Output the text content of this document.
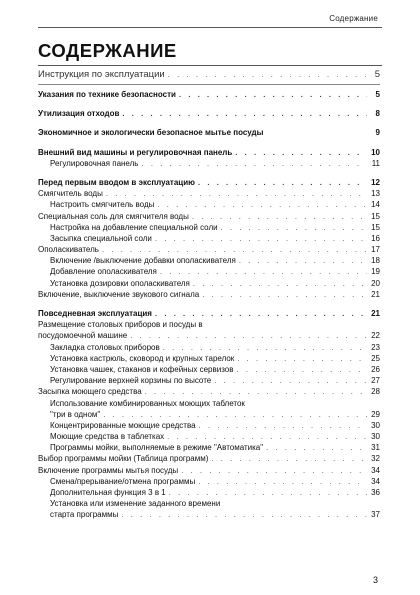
Содержание
СОДЕРЖАНИЕ
Инструкция по эксплуатации . . .	5
Указания по технике безопасности . . .	5
Утилизация отходов . . .	8
Экономичное и экологически безопасное мытье посуды	9
Внешний вид машины и регулировочная панель . . .	10
Регулировочная панель . . .	11
Перед первым вводом в эксплуатацию . . .	12
Смягчитель воды . . .	13
Настроить смягчитель воды . . .	14
Специальная соль для смягчителя воды . . .	15
Настройка на добавление специальной соли . . .	15
Засыпка специальной соли . . .	16
Ополаскиватель . . .	17
Включение /выключение добавки ополаскивателя . . .	18
Добавление ополаскивателя . . .	19
Установка дозировки ополаскивателя . . .	20
Включение, выключение звукового сигнала . . .	21
Повседневная эксплуатация . . .	21
Размещение столовых приборов и посуды в
посудомоечной машине . . .	22
Закладка столовых приборов . . .	23
Установка кастрюль, сковород и крупных тарелок . . .	25
Установка чашек, стаканов и кофейных сервизов . . .	26
Регулирование верхней корзины по высоте . . .	27
Засыпка моющего средства . . .	28
Использование комбинированных моющих таблеток
"три в одном" . . .	29
Концентрированные моющие средства . . .	30
Моющие средства в таблетках . . .	30
Программы мойки, выполняемые в режиме "Автоматика" . . .	31
Выбор программы мойки (Таблица программ) . . .	32
Включение программы мытья посуды . . .	34
Смена/прерывание/отмена программы . . .	34
Дополнительная функция 3 в 1 . . .	36
Установка или изменение заданного времени
старта программы . . .	37
3
